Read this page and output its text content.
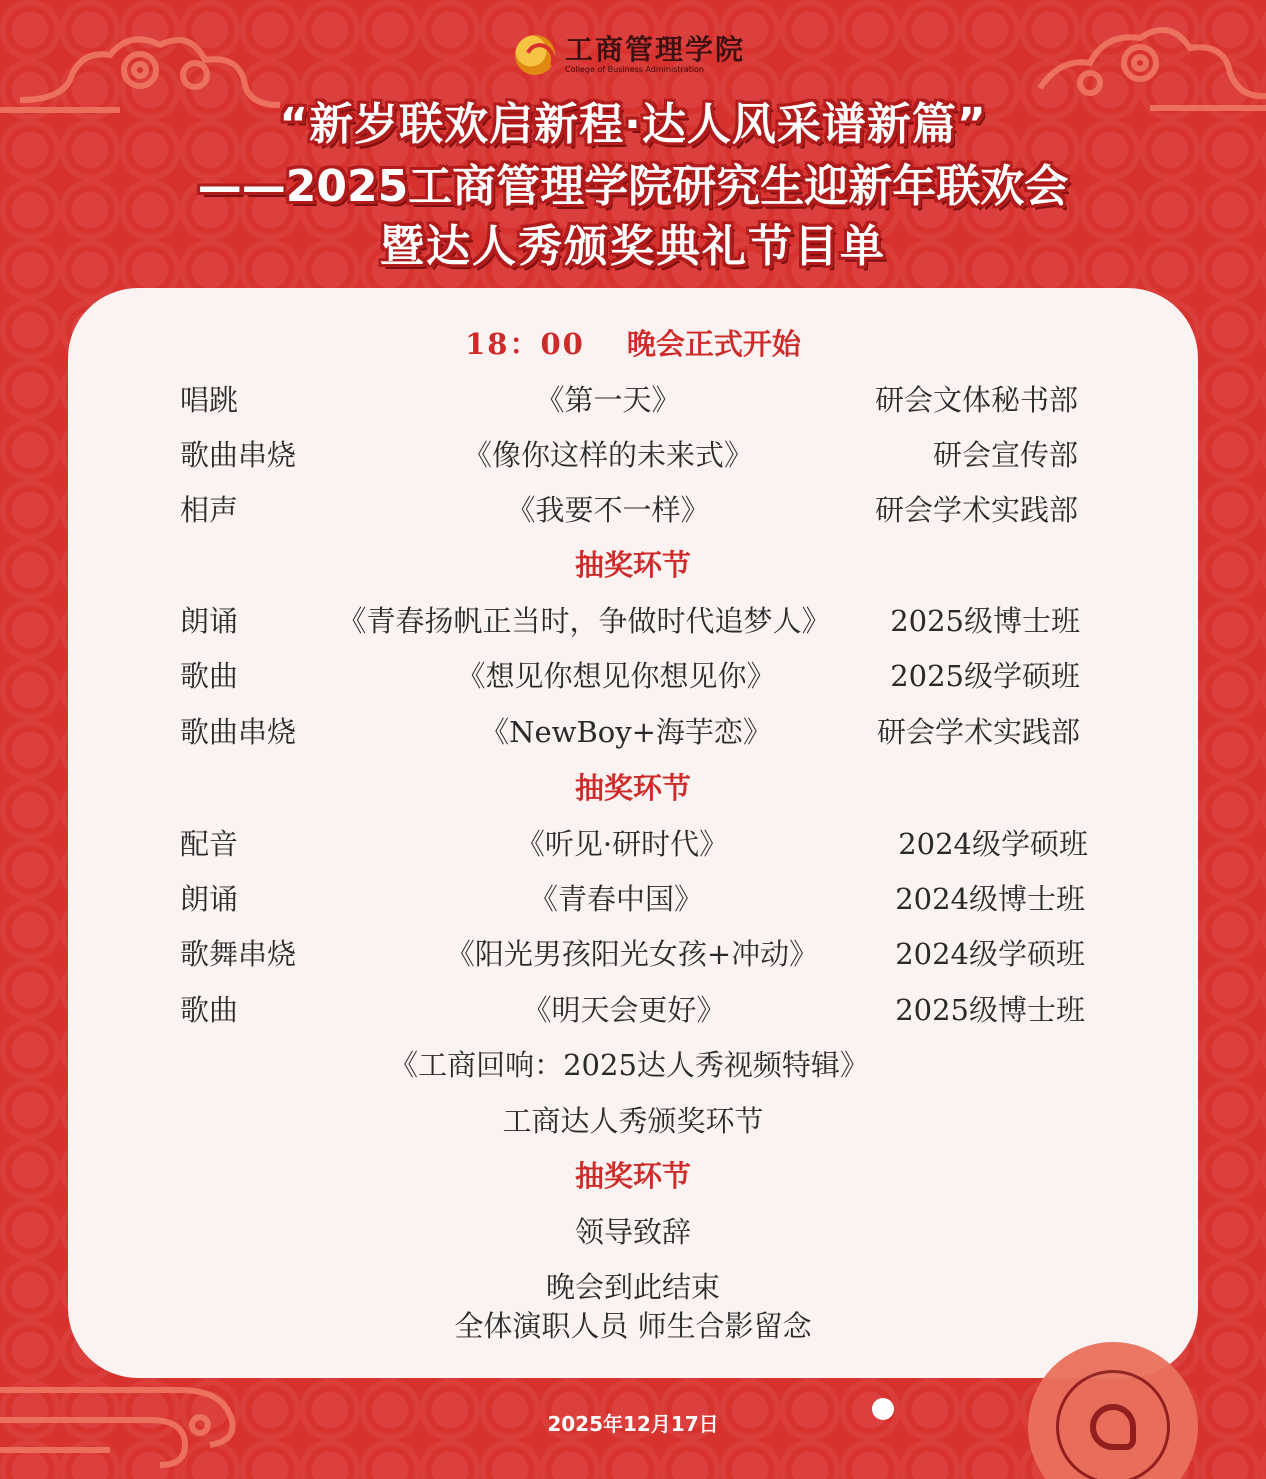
工商管理学院
College of Business Administration
“新岁联欢启新程·达人风采谱新篇”
——2025工商管理学院研究生迎新年联欢会
暨达人秀颁奖典礼节目单
18：00 晚会正式开始
唱跳	《第一天》	研会文体秘书部
歌曲串烧	《像你这样的未来式》	研会宣传部
相声	《我要不一样》	研会学术实践部
抽奖环节
朗诵	《青春扬帆正当时，争做时代追梦人》 2025级博士班
歌曲	《想见你想见你想见你》	2025级学硕班
歌曲串烧	《NewBoy+海芋恋》	研会学术实践部
抽奖环节
配音	《听见·研时代》	2024级学硕班
朗诵	《青春中国》	2024级博士班
歌舞串烧	《阳光男孩阳光女孩+冲动》	2024级学硕班
歌曲	《明天会更好》	2025级博士班
《工商回响：2025达人秀视频特辑》
工商达人秀颁奖环节
抽奖环节
领导致辞
晚会到此结束
全体演职人员 师生合影留念
2025年12月17日
